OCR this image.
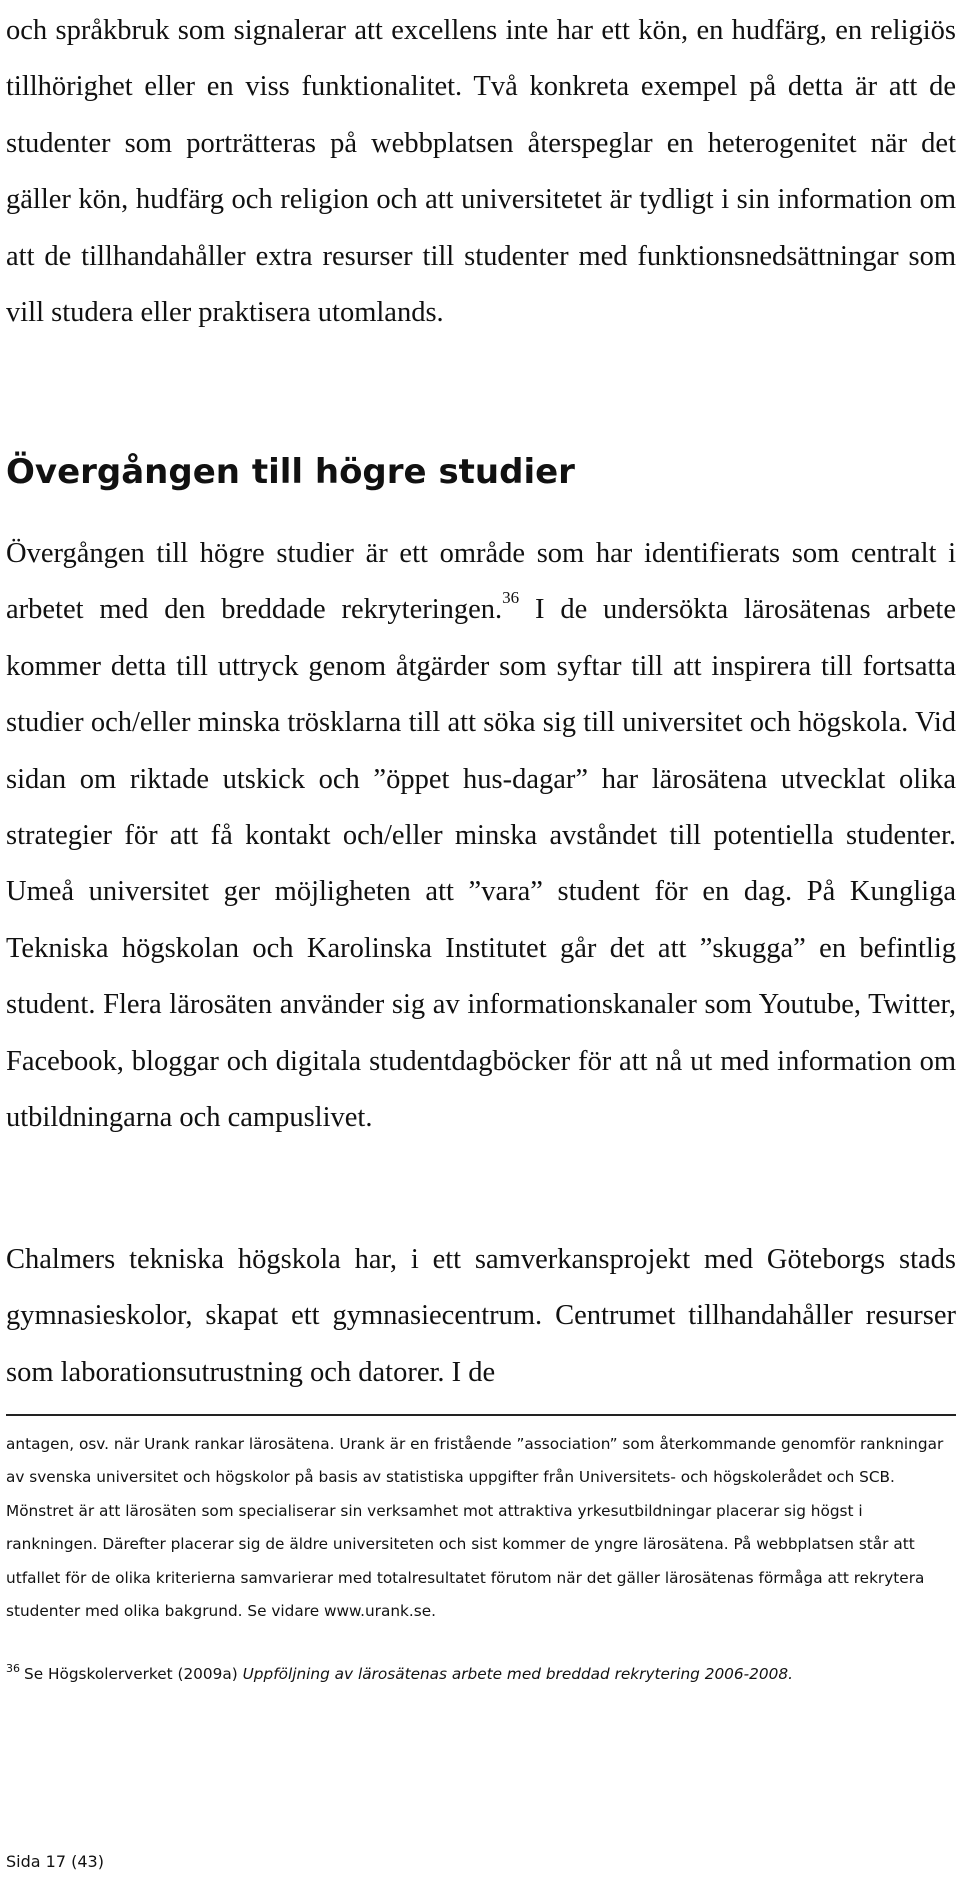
och språkbruk som signalerar att excellens inte har ett kön, en hudfärg, en religiös tillhörighet eller en viss funktionalitet. Två konkreta exempel på detta är att de studenter som porträtteras på webbplatsen återspeglar en heterogenitet när det gäller kön, hudfärg och religion och att universitetet är tydligt i sin information om att de tillhandahåller extra resurser till studenter med funktionsnedsättningar som vill studera eller praktisera utomlands.

Övergången till högre studier

Övergången till högre studier är ett område som har identifierats som centralt i arbetet med den breddade rekryteringen.$^{36}$ I de undersökta lärosätenas arbete kommer detta till uttryck genom åtgärder som syftar till att inspirera till fortsatta studier och/eller minska trösklarna till att söka sig till universitet och högskola. Vid sidan om riktade utskick och ”öppet hus-dagar” har lärosätena utvecklat olika strategier för att få kontakt och/eller minska avståndet till potentiella studenter. Umeå universitet ger möjligheten att ”vara” student för en dag. På Kungliga Tekniska högskolan och Karolinska Institutet går det att ”skugga” en befintlig student. Flera lärosäten använder sig av informationskanaler som Youtube, Twitter, Facebook, bloggar och digitala studentdagböcker för att nå ut med information om utbildningarna och campuslivet.

Chalmers tekniska högskola har, i ett samverkansprojekt med Göteborgs stads gymnasieskolor, skapat ett gymnasiecentrum. Centrumet tillhandahåller resurser som laborationsutrustning och datorer. I de

antagen, osv. när Urank rankar lärosätena. Urank är en fristående ”association” som återkommande genomför rankningar av svenska universitet och högskolor på basis av statistiska uppgifter från Universitets- och högskolerådet och SCB. Mönstret är att lärosäten som specialiserar sin verksamhet mot attraktiva yrkesutbildningar placerar sig högst i rankningen. Därefter placerar sig de äldre universiteten och sist kommer de yngre lärosätena. På webbplatsen står att utfallet för de olika kriterierna samvarierar med totalresultatet förutom när det gäller lärosätenas förmåga att rekrytera studenter med olika bakgrund. Se vidare www.urank.se.

$^{36}$ Se Högskolerverket (2009a) Uppföljning av lärosätenas arbete med breddad rekrytering 2006-2008.

Sida 17 (43)
